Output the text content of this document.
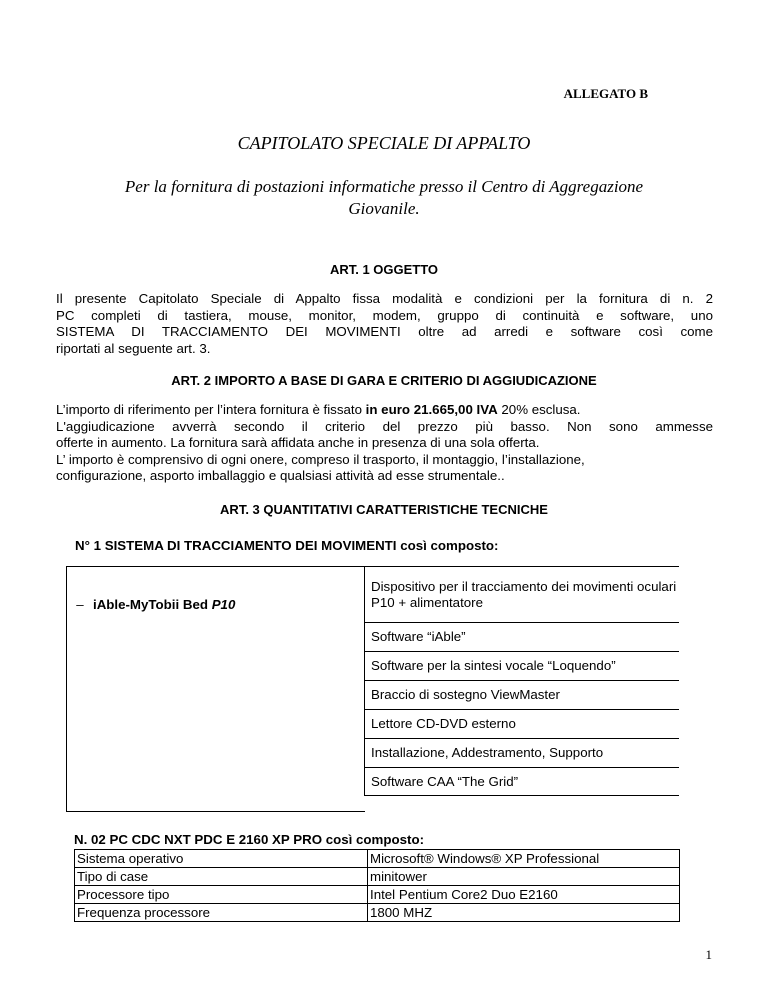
ALLEGATO B
CAPITOLATO SPECIALE DI APPALTO
Per la fornitura di postazioni informatiche presso il Centro di Aggregazione Giovanile.
ART. 1 OGGETTO
Il presente Capitolato Speciale di Appalto fissa modalità e condizioni per la fornitura di n. 2
PC completi di tastiera, mouse, monitor, modem, gruppo di continuità e software, uno
SISTEMA DI TRACCIAMENTO DEI MOVIMENTI oltre ad arredi e software così come
riportati al seguente art. 3.
ART. 2 IMPORTO A BASE DI GARA E CRITERIO DI AGGIUDICAZIONE
L’importo di riferimento per l’intera fornitura è fissato in euro 21.665,00 IVA 20% esclusa.
L'aggiudicazione avverrà secondo il criterio del prezzo più basso. Non sono ammesse
offerte in aumento. La fornitura sarà affidata anche in presenza di una sola offerta.
L’ importo è comprensivo di ogni onere, compreso il trasporto, il montaggio, l’installazione,
configurazione, asporto imballaggio e qualsiasi attività ad esse strumentale..
ART. 3 QUANTITATIVI CARATTERISTICHE TECNICHE
N° 1 SISTEMA DI TRACCIAMENTO DEI MOVIMENTI così composto:
– iAble-MyTobii Bed P10
Dispositivo per il tracciamento dei movimenti oculari P10 + alimentatore
Software “iAble”
Software per la sintesi vocale “Loquendo”
Braccio di sostegno ViewMaster
Lettore CD-DVD esterno
Installazione, Addestramento, Supporto
Software CAA “The Grid”
N. 02 PC CDC NXT PDC E 2160 XP PRO così composto:
Sistema operativo	Microsoft® Windows® XP Professional
Tipo di case	minitower
Processore tipo	Intel Pentium Core2 Duo E2160
Frequenza processore	1800 MHZ
1
